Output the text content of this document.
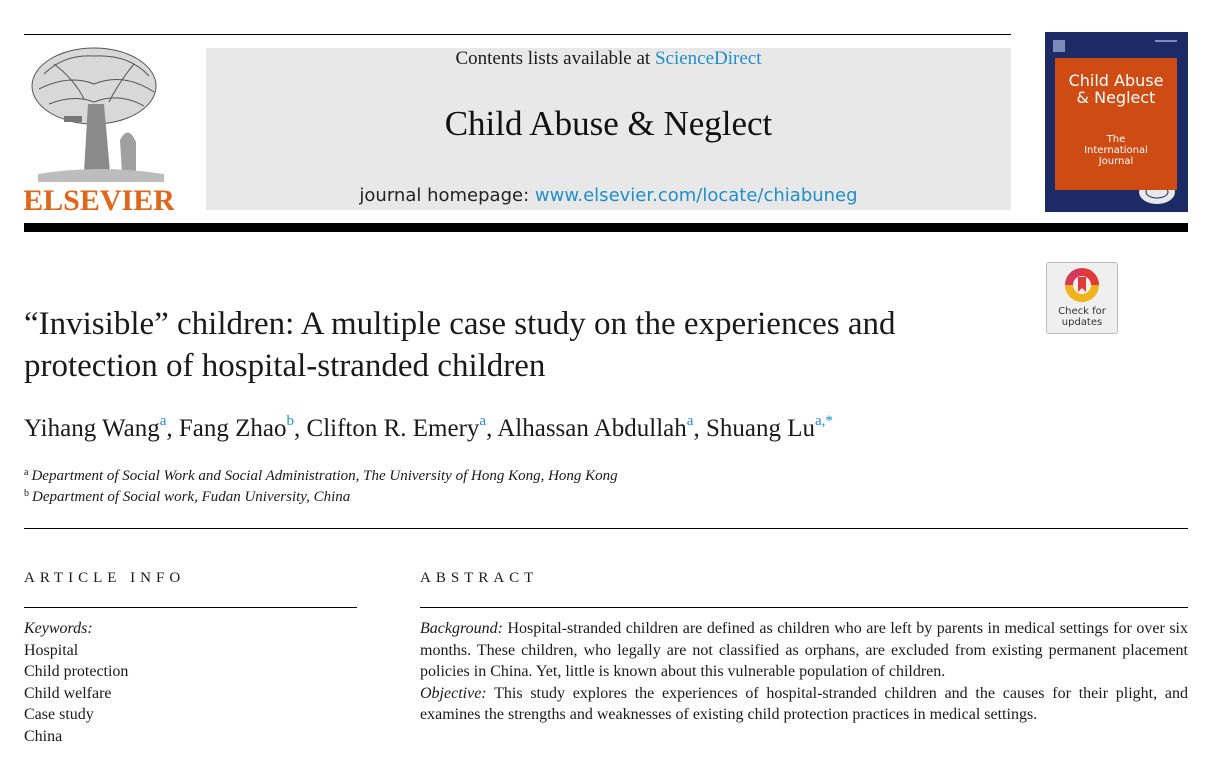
ELSEVIER
Contents lists available at ScienceDirect
Child Abuse & Neglect
journal homepage: www.elsevier.com/locate/chiabuneg
Child Abuse
& Neglect
The
International
Journal
Check for
updates
“Invisible” children: A multiple case study on the experiences and
protection of hospital-stranded children
Yihang Wang$^a$, Fang Zhao$^b$, Clifton R. Emery$^a$, Alhassan Abdullah$^a$, Shuang $Lu^{a,*}$
$^a$ Department of Social Work and Social Administration, The University of Hong Kong, Hong Kong
$^b$ Department of Social work, Fudan University, China
ARTICLE INFO
Keywords:
Hospital
Child protection
Child welfare
Case study
China
ABSTRACT
Background: Hospital-stranded children are defined as children who are left by parents in medical settings for over six months. These children, who legally are not classified as orphans, are excluded from existing permanent placement policies in China. Yet, little is known about this vulnerable population of children.
Objective: This study explores the experiences of hospital-stranded children and the causes for their plight, and examines the strengths and weaknesses of existing child protection practices in medical settings.
